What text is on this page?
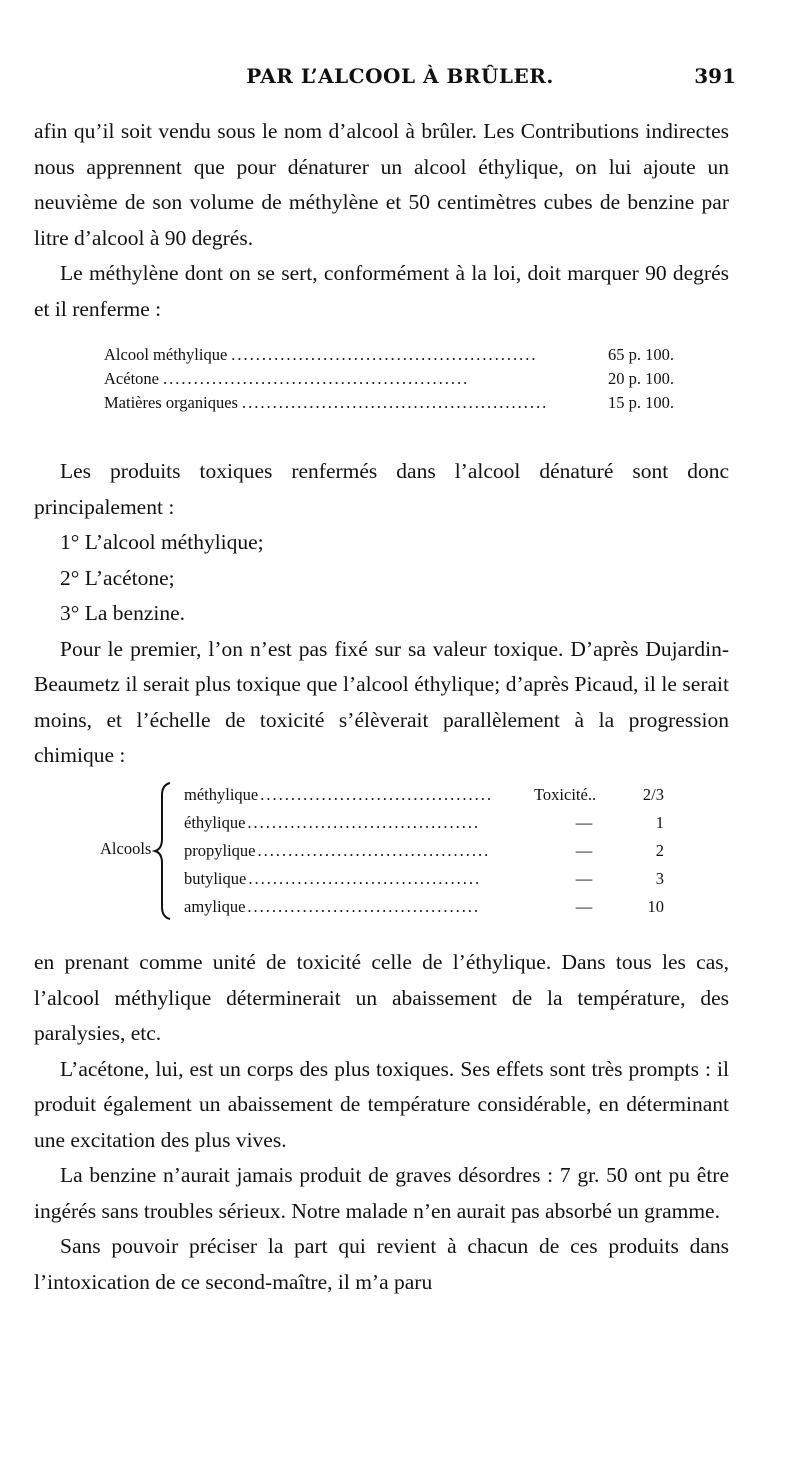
PAR L’ALCOOL À BRÛLER.	391

afin qu’il soit vendu sous le nom d’alcool à brûler. Les Contributions indirectes nous apprennent que pour dénaturer un alcool éthylique, on lui ajoute un neuvième de son volume de méthylène et 50 centimètres cubes de benzine par litre d’alcool à 90 degrés.

Le méthylène dont on se sert, conformément à la loi, doit marquer 90 degrés et il renferme :

Alcool méthylique ..................................................	65 p. 100.
Acétone ..................................................	20 p. 100.
Matières organiques ..................................................	15 p. 100.

Les produits toxiques renfermés dans l’alcool dénaturé sont donc principalement :

1° L’alcool méthylique;

2° L’acétone;

3° La benzine.

Pour le premier, l’on n’est pas fixé sur sa valeur toxique. D’après Dujardin-Beaumetz il serait plus toxique que l’alcool éthylique; d’après Picaud, il le serait moins, et l’échelle de toxicité s’élèverait parallèlement à la progression chimique :

Alcools
méthylique ......................................	Toxicité..	2/3
éthylique ......................................	—	1
propylique ......................................	—	2
butylique ......................................	—	3
amylique ......................................	—	10

en prenant comme unité de toxicité celle de l’éthylique. Dans tous les cas, l’alcool méthylique déterminerait un abaissement de la température, des paralysies, etc.

L’acétone, lui, est un corps des plus toxiques. Ses effets sont très prompts : il produit également un abaissement de température considérable, en déterminant une excitation des plus vives.

La benzine n’aurait jamais produit de graves désordres : 7 gr. 50 ont pu être ingérés sans troubles sérieux. Notre malade n’en aurait pas absorbé un gramme.

Sans pouvoir préciser la part qui revient à chacun de ces produits dans l’intoxication de ce second-maître, il m’a paru
